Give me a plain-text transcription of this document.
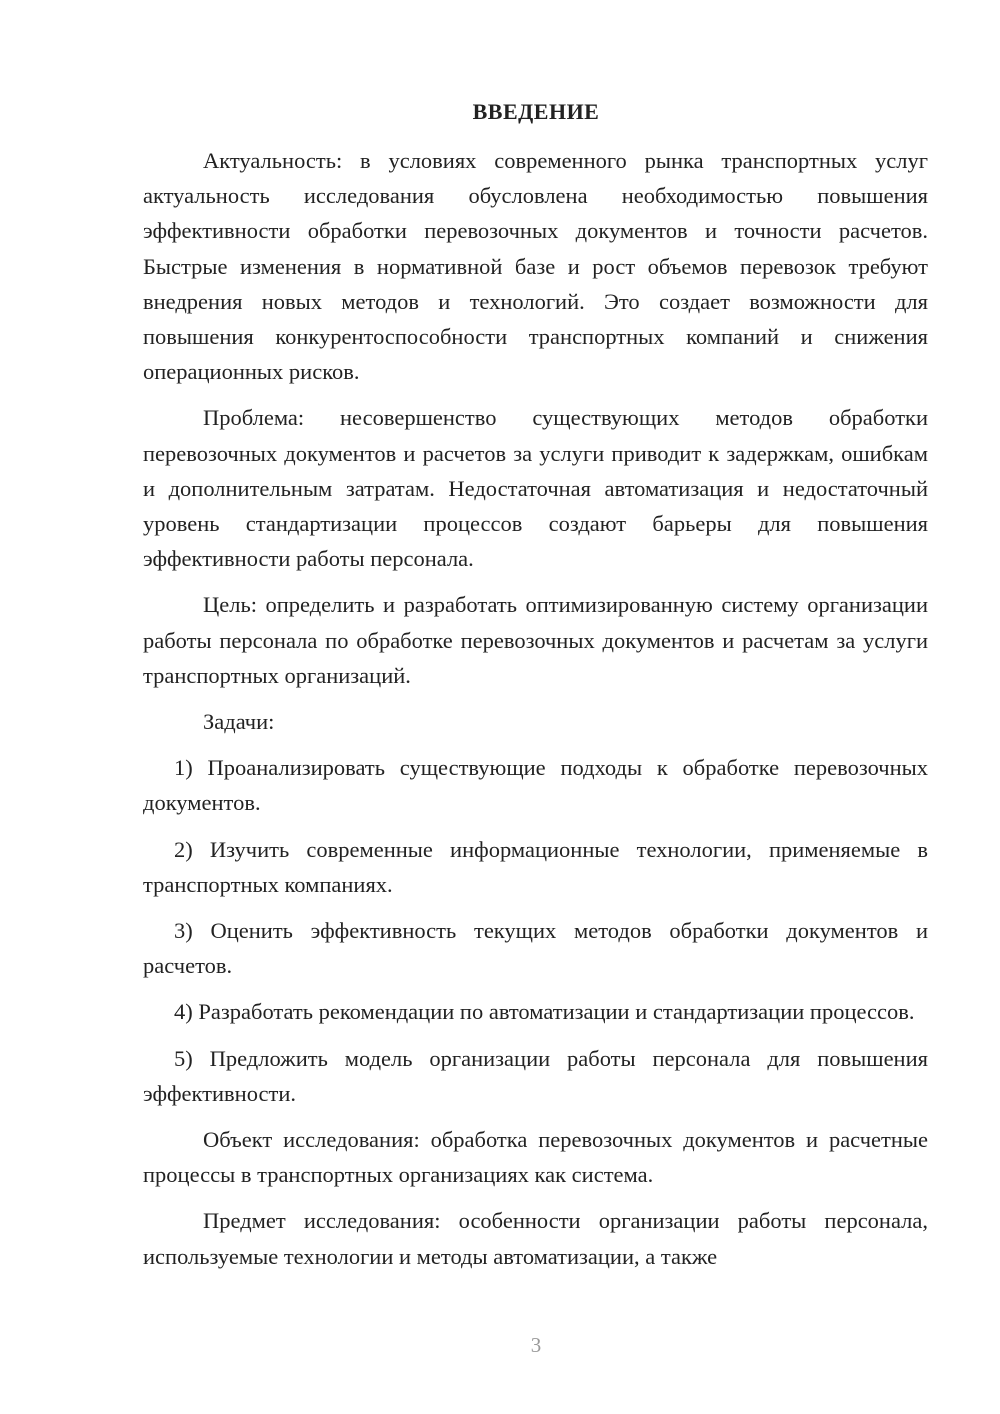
ВВЕДЕНИЕ

Актуальность: в условиях современного рынка транспортных услуг актуальность исследования обусловлена необходимостью повышения эффективности обработки перевозочных документов и точности расчетов. Быстрые изменения в нормативной базе и рост объемов перевозок требуют внедрения новых методов и технологий. Это создает возможности для повышения конкурентоспособности транспортных компаний и снижения операционных рисков.

Проблема: несовершенство существующих методов обработки перевозочных документов и расчетов за услуги приводит к задержкам, ошибкам и дополнительным затратам. Недостаточная автоматизация и недостаточный уровень стандартизации процессов создают барьеры для повышения эффективности работы персонала.

Цель: определить и разработать оптимизированную систему организации работы персонала по обработке перевозочных документов и расчетам за услуги транспортных организаций.

Задачи:

1) Проанализировать существующие подходы к обработке перевозочных документов.

2) Изучить современные информационные технологии, применяемые в транспортных компаниях.

3) Оценить эффективность текущих методов обработки документов и расчетов.

4) Разработать рекомендации по автоматизации и стандартизации процессов.

5) Предложить модель организации работы персонала для повышения эффективности.

Объект исследования: обработка перевозочных документов и расчетные процессы в транспортных организациях как система.

Предмет исследования: особенности организации работы персонала, используемые технологии и методы автоматизации, а также

3
